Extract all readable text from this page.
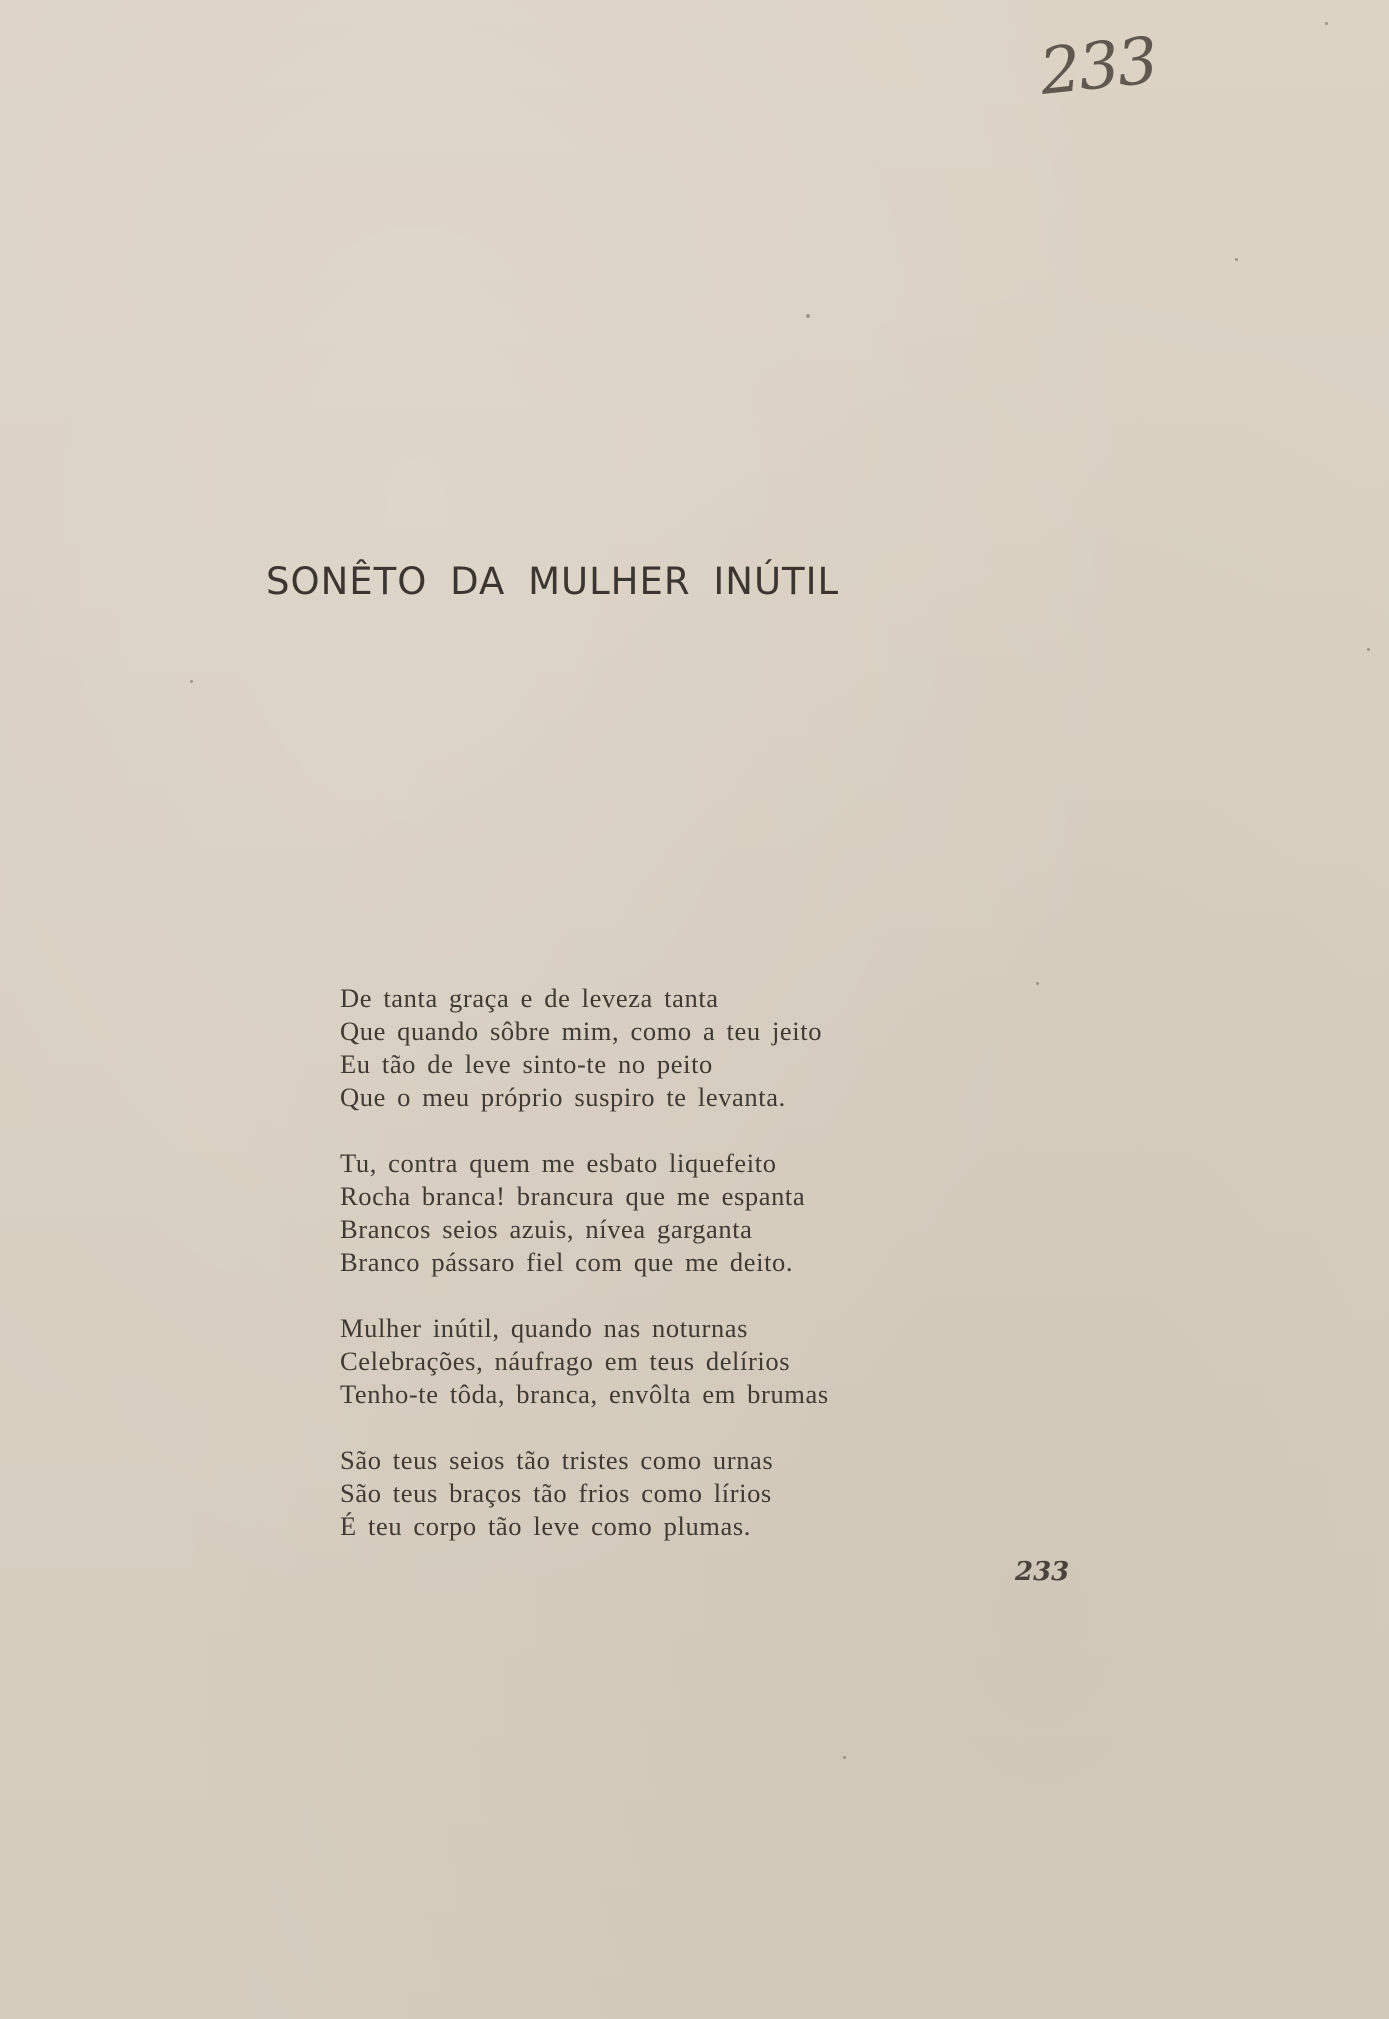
233
SONÊTO DA MULHER INÚTIL
De tanta graça e de leveza tanta
Que quando sôbre mim, como a teu jeito
Eu tão de leve sinto-te no peito
Que o meu próprio suspiro te levanta.
Tu, contra quem me esbato liquefeito
Rocha branca! brancura que me espanta
Brancos seios azuis, nívea garganta
Branco pássaro fiel com que me deito.
Mulher inútil, quando nas noturnas
Celebrações, náufrago em teus delírios
Tenho-te tôda, branca, envôlta em brumas
São teus seios tão tristes como urnas
São teus braços tão frios como lírios
É teu corpo tão leve como plumas.
233
